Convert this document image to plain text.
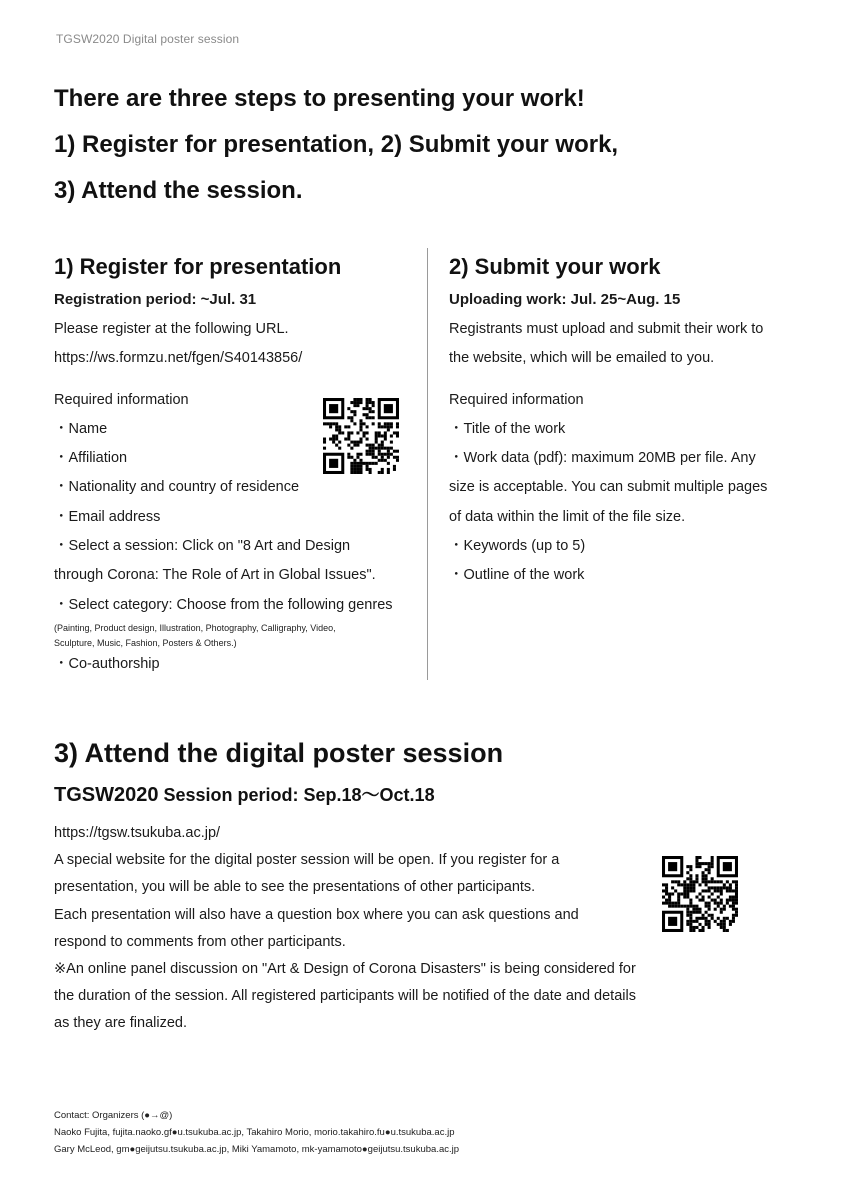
TGSW2020 Digital poster session
There are three steps to presenting your work!
1) Register for presentation, 2) Submit your work,
3) Attend the session.
1) Register for presentation
Registration period: ~Jul. 31
Please register at the following URL.
https://ws.formzu.net/fgen/S40143856/
Required information
・Name
・Affiliation
・Nationality and country of residence
・Email address
・Select a session: Click on "8 Art and Design
through Corona: The Role of Art in Global Issues".
・Select category: Choose from the following genres
(Painting, Product design, Illustration, Photography, Calligraphy, Video,
Sculpture, Music, Fashion, Posters & Others.)
・Co-authorship
2) Submit your work
Uploading work: Jul. 25~Aug. 15
Registrants must upload and submit their work to
the website, which will be emailed to you.
Required information
・Title of the work
・Work data (pdf): maximum 20MB per file. Any
size is acceptable. You can submit multiple pages
of data within the limit of the file size.
・Keywords (up to 5)
・Outline of the work
3) Attend the digital poster session
TGSW2020 Session period: Sep.18～Oct.18
https://tgsw.tsukuba.ac.jp/
A special website for the digital poster session will be open. If you register for a
presentation, you will be able to see the presentations of other participants.
Each presentation will also have a question box where you can ask questions and
respond to comments from other participants.
※An online panel discussion on "Art & Design of Corona Disasters" is being considered for
the duration of the session. All registered participants will be notified of the date and details
as they are finalized.
Contact: Organizers (●→@)
Naoko Fujita, fujita.naoko.gf●u.tsukuba.ac.jp, Takahiro Morio, morio.takahiro.fu●u.tsukuba.ac.jp
Gary McLeod, gm●geijutsu.tsukuba.ac.jp, Miki Yamamoto, mk-yamamoto●geijutsu.tsukuba.ac.jp
